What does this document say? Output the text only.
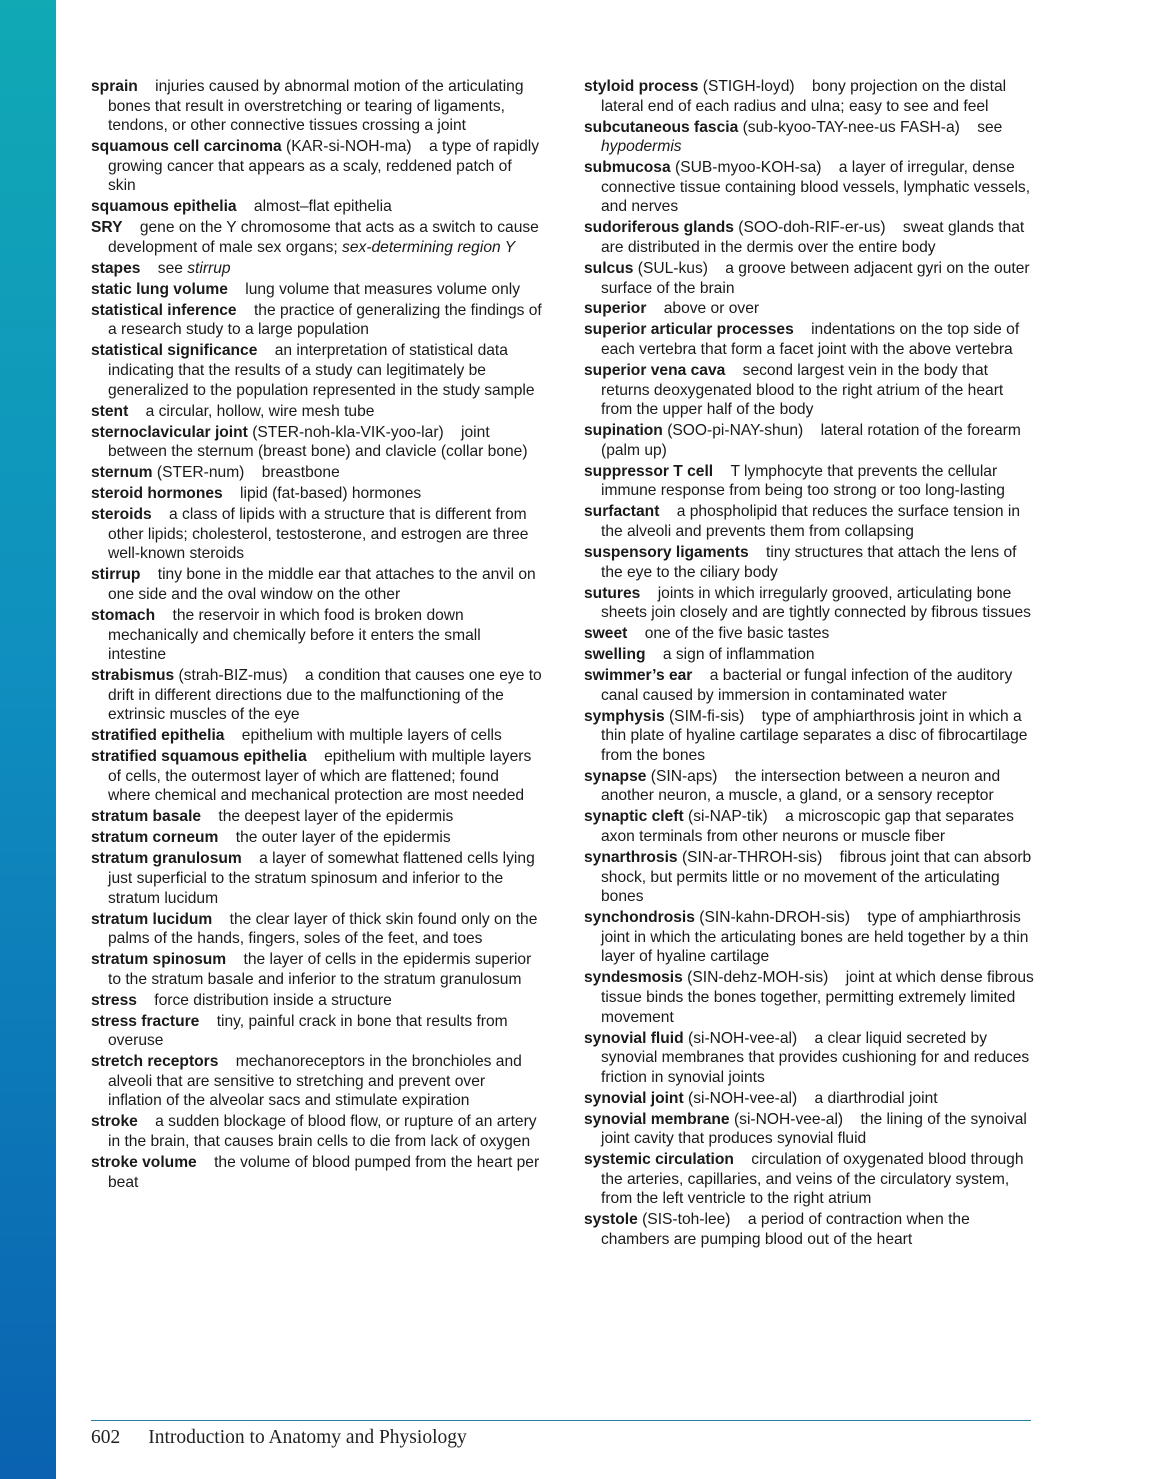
sprain injuries caused by abnormal motion of the articulating bones that result in overstretching or tearing of ligaments, tendons, or other connective tissues crossing a joint
squamous cell carcinoma (KAR-si-NOH-ma) a type of rapidly growing cancer that appears as a scaly, reddened patch of skin
squamous epithelia almost–flat epithelia
SRY gene on the Y chromosome that acts as a switch to cause development of male sex organs; sex-determining region Y
stapes see stirrup
static lung volume lung volume that measures volume only
statistical inference the practice of generalizing the findings of a research study to a large population
statistical significance an interpretation of statistical data indicating that the results of a study can legitimately be generalized to the population represented in the study sample
stent a circular, hollow, wire mesh tube
sternoclavicular joint (STER-noh-kla-VIK-yoo-lar) joint between the sternum (breast bone) and clavicle (collar bone)
sternum (STER-num) breastbone
steroid hormones lipid (fat-based) hormones
steroids a class of lipids with a structure that is different from other lipids; cholesterol, testosterone, and estrogen are three well-known steroids
stirrup tiny bone in the middle ear that attaches to the anvil on one side and the oval window on the other
stomach the reservoir in which food is broken down mechanically and chemically before it enters the small intestine
strabismus (strah-BIZ-mus) a condition that causes one eye to drift in different directions due to the malfunctioning of the extrinsic muscles of the eye
stratified epithelia epithelium with multiple layers of cells
stratified squamous epithelia epithelium with multiple layers of cells, the outermost layer of which are flattened; found where chemical and mechanical protection are most needed
stratum basale the deepest layer of the epidermis
stratum corneum the outer layer of the epidermis
stratum granulosum a layer of somewhat flattened cells lying just superficial to the stratum spinosum and inferior to the stratum lucidum
stratum lucidum the clear layer of thick skin found only on the palms of the hands, fingers, soles of the feet, and toes
stratum spinosum the layer of cells in the epidermis superior to the stratum basale and inferior to the stratum granulosum
stress force distribution inside a structure
stress fracture tiny, painful crack in bone that results from overuse
stretch receptors mechanoreceptors in the bronchioles and alveoli that are sensitive to stretching and prevent over inflation of the alveolar sacs and stimulate expiration
stroke a sudden blockage of blood flow, or rupture of an artery in the brain, that causes brain cells to die from lack of oxygen
stroke volume the volume of blood pumped from the heart per beat
styloid process (STIGH-loyd) bony projection on the distal lateral end of each radius and ulna; easy to see and feel
subcutaneous fascia (sub-kyoo-TAY-nee-us FASH-a) see hypodermis
submucosa (SUB-myoo-KOH-sa) a layer of irregular, dense connective tissue containing blood vessels, lymphatic vessels, and nerves
sudoriferous glands (SOO-doh-RIF-er-us) sweat glands that are distributed in the dermis over the entire body
sulcus (SUL-kus) a groove between adjacent gyri on the outer surface of the brain
superior above or over
superior articular processes indentations on the top side of each vertebra that form a facet joint with the above vertebra
superior vena cava second largest vein in the body that returns deoxygenated blood to the right atrium of the heart from the upper half of the body
supination (SOO-pi-NAY-shun) lateral rotation of the forearm (palm up)
suppressor T cell T lymphocyte that prevents the cellular immune response from being too strong or too long-lasting
surfactant a phospholipid that reduces the surface tension in the alveoli and prevents them from collapsing
suspensory ligaments tiny structures that attach the lens of the eye to the ciliary body
sutures joints in which irregularly grooved, articulating bone sheets join closely and are tightly connected by fibrous tissues
sweet one of the five basic tastes
swelling a sign of inflammation
swimmer’s ear a bacterial or fungal infection of the auditory canal caused by immersion in contaminated water
symphysis (SIM-fi-sis) type of amphiarthrosis joint in which a thin plate of hyaline cartilage separates a disc of fibrocartilage from the bones
synapse (SIN-aps) the intersection between a neuron and another neuron, a muscle, a gland, or a sensory receptor
synaptic cleft (si-NAP-tik) a microscopic gap that separates axon terminals from other neurons or muscle fiber
synarthrosis (SIN-ar-THROH-sis) fibrous joint that can absorb shock, but permits little or no movement of the articulating bones
synchondrosis (SIN-kahn-DROH-sis) type of amphiarthrosis joint in which the articulating bones are held together by a thin layer of hyaline cartilage
syndesmosis (SIN-dehz-MOH-sis) joint at which dense fibrous tissue binds the bones together, permitting extremely limited movement
synovial fluid (si-NOH-vee-al) a clear liquid secreted by synovial membranes that provides cushioning for and reduces friction in synovial joints
synovial joint (si-NOH-vee-al) a diarthrodial joint
synovial membrane (si-NOH-vee-al) the lining of the synoival joint cavity that produces synovial fluid
systemic circulation circulation of oxygenated blood through the arteries, capillaries, and veins of the circulatory system, from the left ventricle to the right atrium
systole (SIS-toh-lee) a period of contraction when the chambers are pumping blood out of the heart
602 Introduction to Anatomy and Physiology
